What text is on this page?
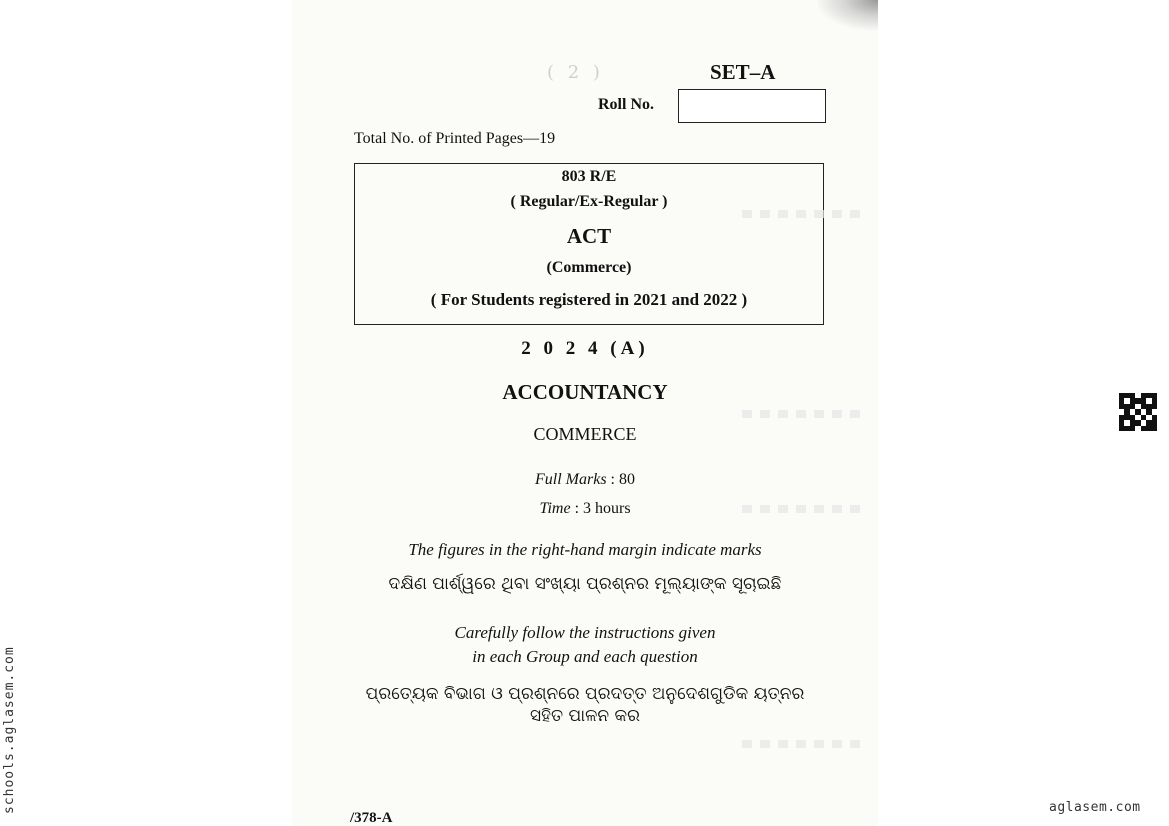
( 2 )	SET–A
Roll No.
Total No. of Printed Pages—19
803 R/E
( Regular/Ex-Regular )
ACT
(Commerce)
( For Students registered in 2021 and 2022 )
2 0 2 4 (A)
ACCOUNTANCY
COMMERCE
Full Marks : 80
Time : 3 hours
The figures in the right-hand margin indicate marks
ଦକ୍ଷିଣ ପାର୍ଶ୍ୱରେ ଥିବା ସଂଖ୍ୟା ପ୍ରଶ୍ନର ମୂଲ୍ୟାଙ୍କ ସୂଚାଇଛି
Carefully follow the instructions given
in each Group and each question
ପ୍ରତ୍ୟେକ ବିଭାଗ ଓ ପ୍ରଶ୍ନରେ ପ୍ରଦତ୍ତ ଅନୁଦେଶଗୁଡିକ ୟତ୍ନର
ସହିତ ପାଳନ କର
/378-A
schools.aglasem.com	aglasem.com
